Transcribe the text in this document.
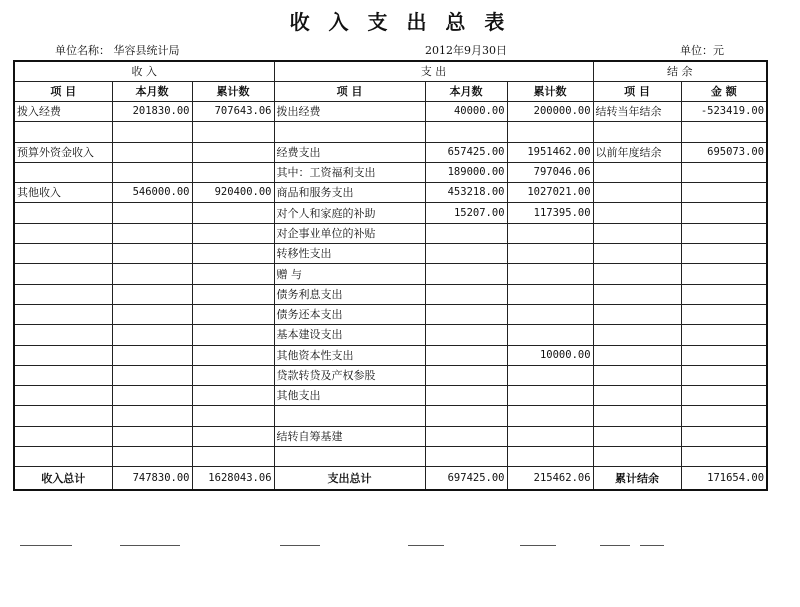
收 入 支 出 总 表
单位名称： 华容县统计局	2012年9月30日	单位：元
收 入			支 出			结 余	
项 目	本月数	累计数	项 目	本月数	累计数	项 目	金 额
拨入经费	201830.00	707643.06	拨出经费	40000.00	200000.00	结转当年结余	-523419.00

预算外资金收入			经费支出	657425.00	1951462.00	以前年度结余	695073.00
			其中：工资福利支出	189000.00	797046.06		
其他收入	546000.00	920400.00	商品和服务支出	453218.00	1027021.00		
			对个人和家庭的补助	15207.00	117395.00		
			对企事业单位的补贴				
			转移性支出				
			赠 与				
			债务利息支出				
			债务还本支出				
			基本建设支出				
			其他资本性支出		10000.00		
			贷款转贷及产权参股				
			其他支出				

			结转自筹基建				

收入总计	747830.00	1628043.06	支出总计	697425.00	215462.06	累计结余	171654.00
